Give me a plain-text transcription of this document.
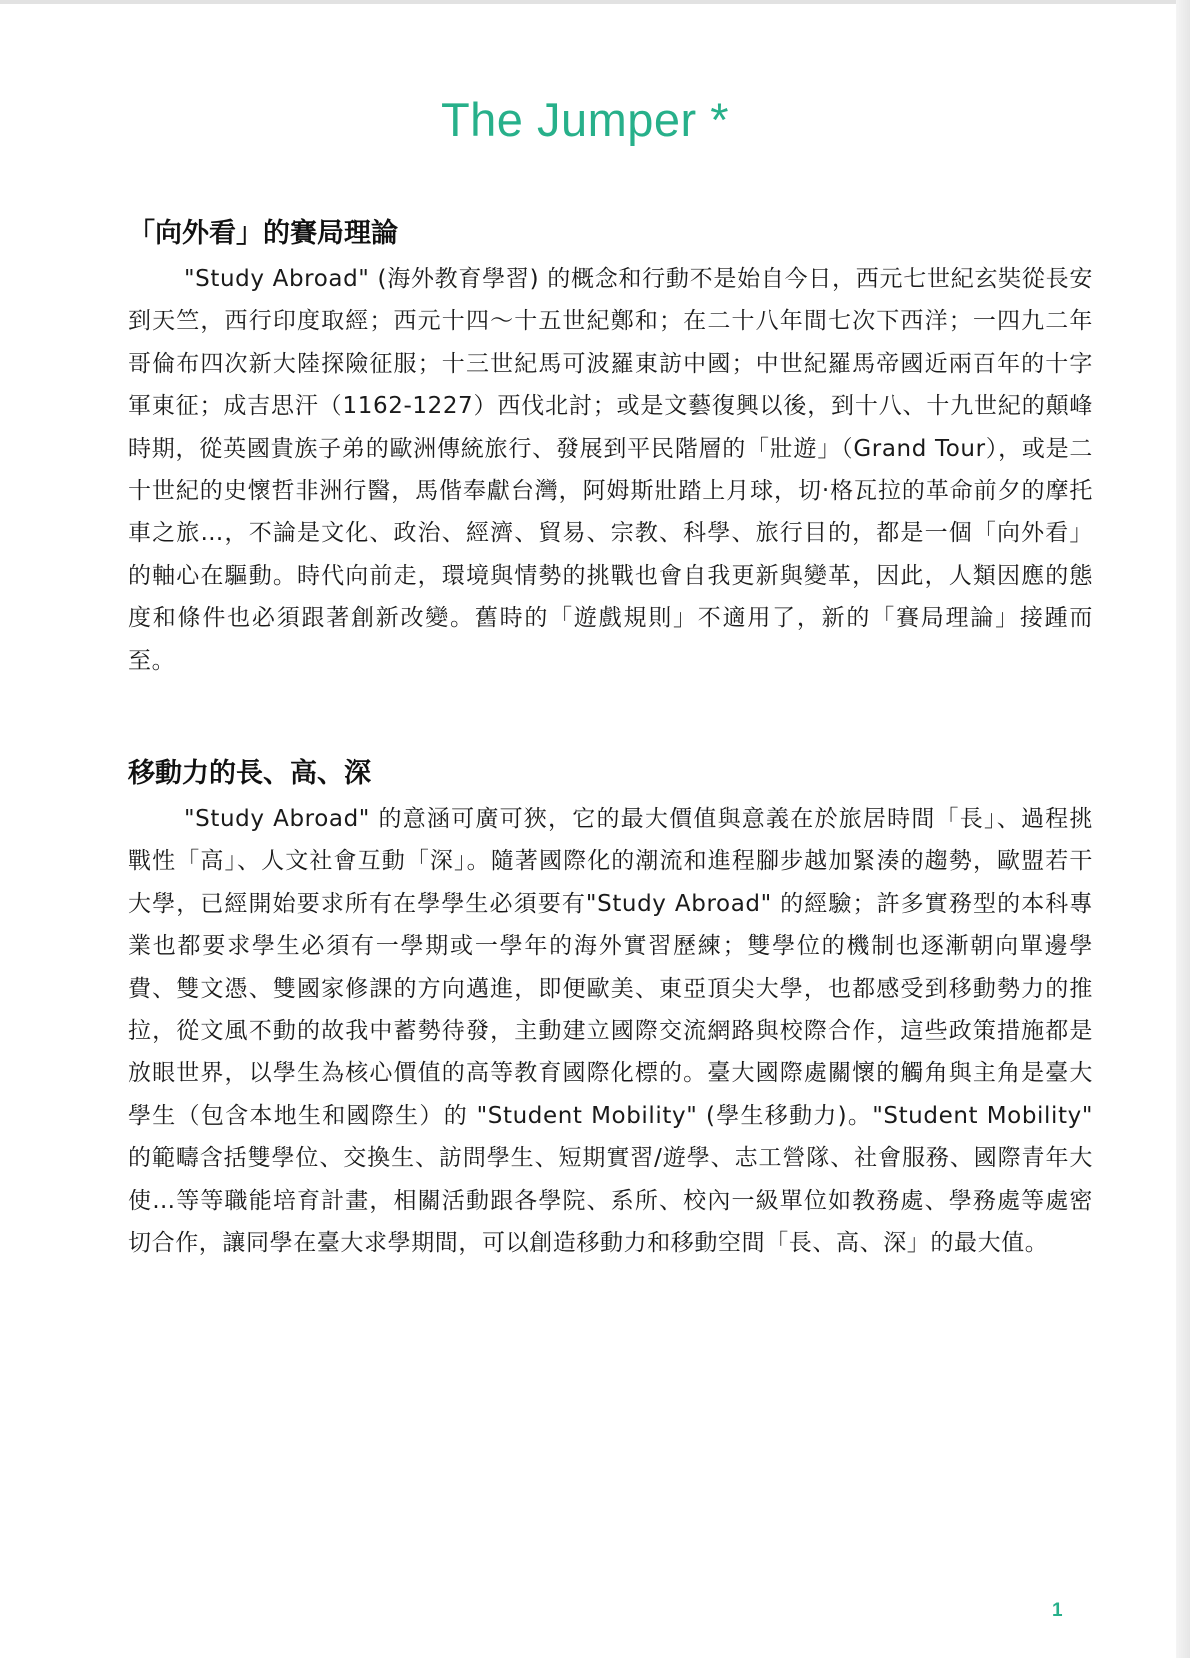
The Jumper *
「向外看」的賽局理論

"Study Abroad" (海外教育學習) 的概念和行動不是始自今日，西元七世紀玄奘從長安到天竺，西行印度取經；西元十四～十五世紀鄭和；在二十八年間七次下西洋；一四九二年哥倫布四次新大陸探險征服；十三世紀馬可波羅東訪中國；中世紀羅馬帝國近兩百年的十字軍東征；成吉思汗（1162-1227）西伐北討；或是文藝復興以後，到十八、十九世紀的顛峰時期，從英國貴族子弟的歐洲傳統旅行、發展到平民階層的「壯遊」（Grand Tour），或是二十世紀的史懷哲非洲行醫，馬偕奉獻台灣，阿姆斯壯踏上月球，切‧格瓦拉的革命前夕的摩托車之旅…，不論是文化、政治、經濟、貿易、宗教、科學、旅行目的，都是一個「向外看」的軸心在驅動。時代向前走，環境與情勢的挑戰也會自我更新與變革，因此，人類因應的態度和條件也必須跟著創新改變。舊時的「遊戲規則」不適用了，新的「賽局理論」接踵而至。

移動力的長、高、深

"Study Abroad" 的意涵可廣可狹，它的最大價值與意義在於旅居時間「長」、過程挑戰性「高」、人文社會互動「深」。隨著國際化的潮流和進程腳步越加緊湊的趨勢，歐盟若干大學，已經開始要求所有在學學生必須要有"Study Abroad" 的經驗；許多實務型的本科專業也都要求學生必須有一學期或一學年的海外實習歷練；雙學位的機制也逐漸朝向單邊學費、雙文憑、雙國家修課的方向邁進，即便歐美、東亞頂尖大學，也都感受到移動勢力的推拉，從文風不動的故我中蓄勢待發，主動建立國際交流網路與校際合作，這些政策措施都是放眼世界，以學生為核心價值的高等教育國際化標的。臺大國際處關懷的觸角與主角是臺大學生（包含本地生和國際生）的 "Student Mobility" (學生移動力)。"Student Mobility" 的範疇含括雙學位、交換生、訪問學生、短期實習/遊學、志工營隊、社會服務、國際青年大使…等等職能培育計畫，相關活動跟各學院、系所、校內一級單位如教務處、學務處等處密切合作，讓同學在臺大求學期間，可以創造移動力和移動空間「長、高、深」的最大值。

1
